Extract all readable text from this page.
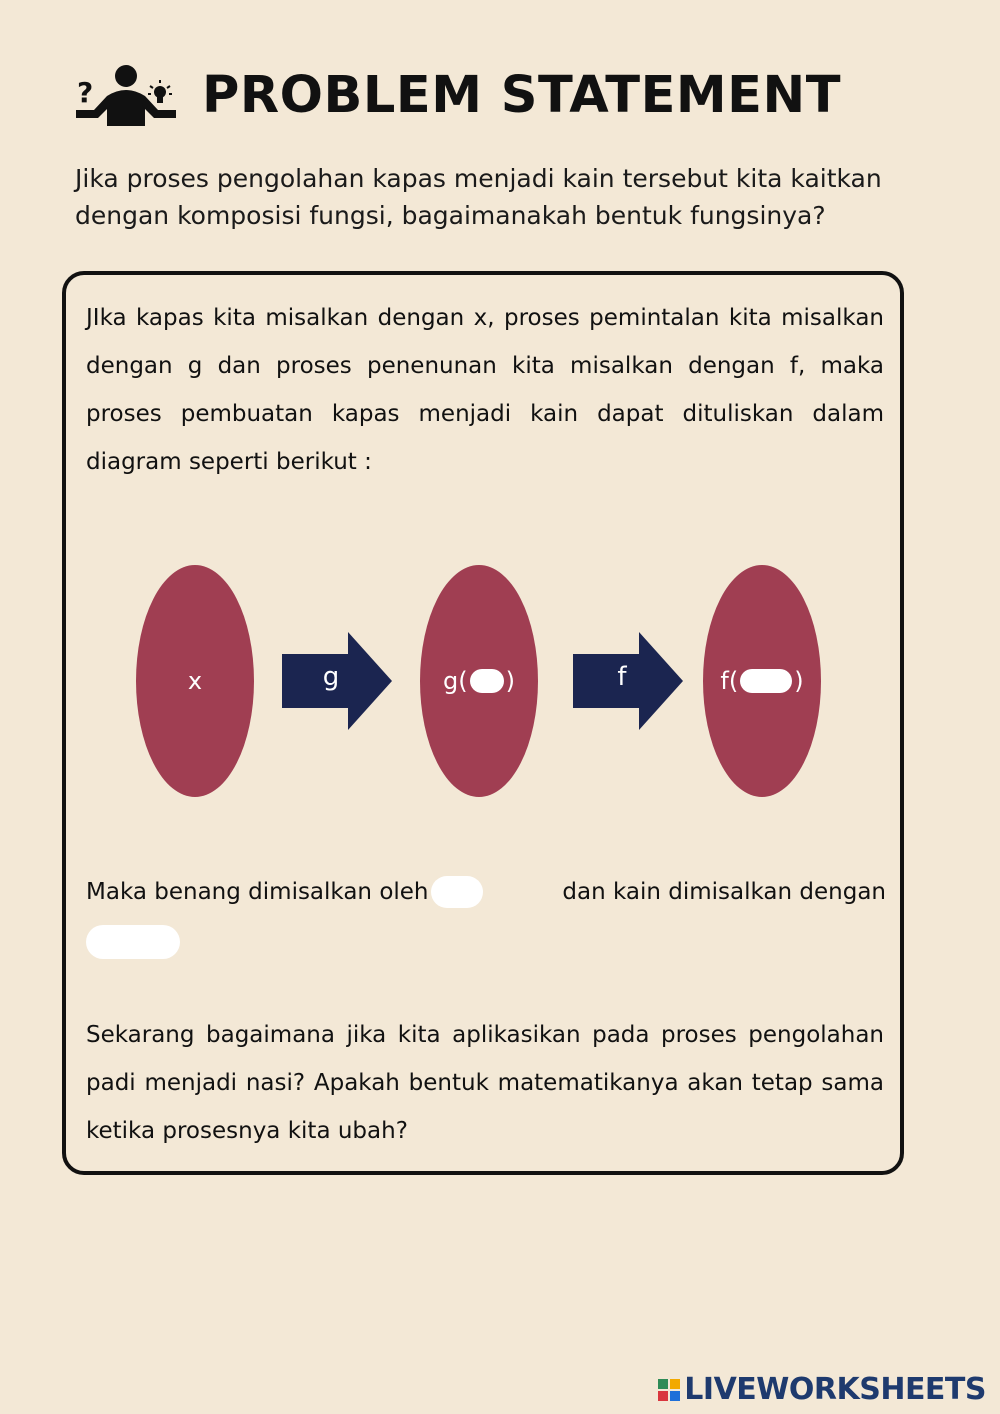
? PROBLEM STATEMENT
Jika proses pengolahan kapas menjadi kain tersebut kita kaitkan dengan komposisi fungsi, bagaimanakah bentuk fungsinya?
JIka kapas kita misalkan dengan x, proses pemintalan kita misalkan dengan g dan proses penenunan kita misalkan dengan f, maka proses pembuatan kapas menjadi kain dapat dituliskan dalam diagram seperti berikut :
x	g	g( )	f	f( )
Maka benang dimisalkan oleh	dan kain dimisalkan dengan
Sekarang bagaimana jika kita aplikasikan pada proses pengolahan padi menjadi nasi? Apakah bentuk matematikanya akan tetap sama ketika prosesnya kita ubah?
LIVEWORKSHEETS
